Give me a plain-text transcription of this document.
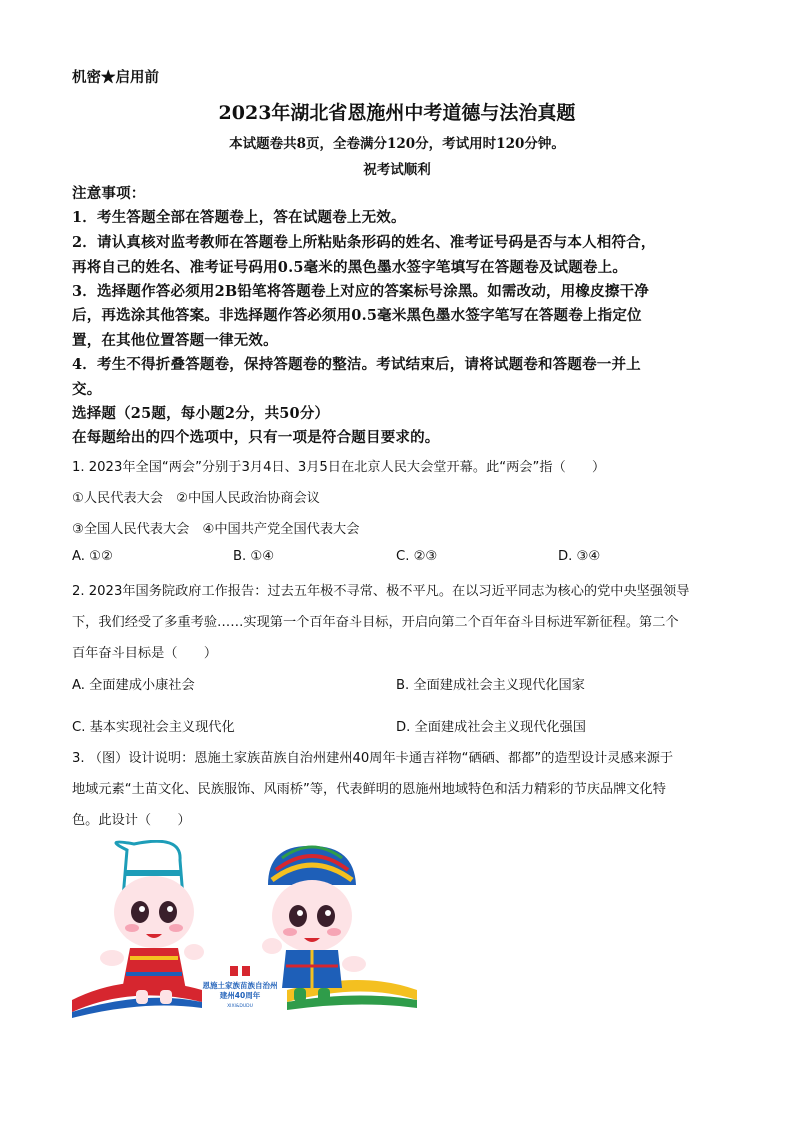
机密★启用前
2023年湖北省恩施州中考道德与法治真题
本试题卷共8页，全卷满分120分，考试用时120分钟。
祝考试顺利
注意事项：
1．考生答题全部在答题卷上，答在试题卷上无效。
2．请认真核对监考教师在答题卷上所粘贴条形码的姓名、准考证号码是否与本人相符合，
再将自己的姓名、准考证号码用0.5毫米的黑色墨水签字笔填写在答题卷及试题卷上。
3．选择题作答必须用2B铅笔将答题卷上对应的答案标号涂黑。如需改动，用橡皮擦干净
后，再选涂其他答案。非选择题作答必须用0.5毫米黑色墨水签字笔写在答题卷上指定位
置，在其他位置答题一律无效。
4．考生不得折叠答题卷，保持答题卷的整洁。考试结束后，请将试题卷和答题卷一并上
交。
选择题（25题，每小题2分，共50分）
在每题给出的四个选项中，只有一项是符合题目要求的。
1. 2023年全国“两会”分别于3月4日、3月5日在北京人民大会堂开幕。此“两会”指（　　）
①人民代表大会　②中国人民政治协商会议
③全国人民代表大会　④中国共产党全国代表大会
A. ①②	B. ①④	C. ②③	D. ③④
2. 2023年国务院政府工作报告：过去五年极不寻常、极不平凡。在以习近平同志为核心的党中央坚强领导
下，我们经受了多重考验……实现第一个百年奋斗目标，开启向第二个百年奋斗目标进军新征程。第二个
百年奋斗目标是（　　）
A. 全面建成小康社会	B. 全面建成社会主义现代化国家
C. 基本实现社会主义现代化	D. 全面建成社会主义现代化强国
3. （图）设计说明：恩施土家族苗族自治州建州40周年卡通吉祥物“硒硒、都都”的造型设计灵感来源于
地域元素“土苗文化、民族服饰、风雨桥”等，代表鲜明的恩施州地域特色和活力精彩的节庆品牌文化特
色。此设计（　　）
恩施土家族苗族自治州
建州40周年
XIXI&DUDU
